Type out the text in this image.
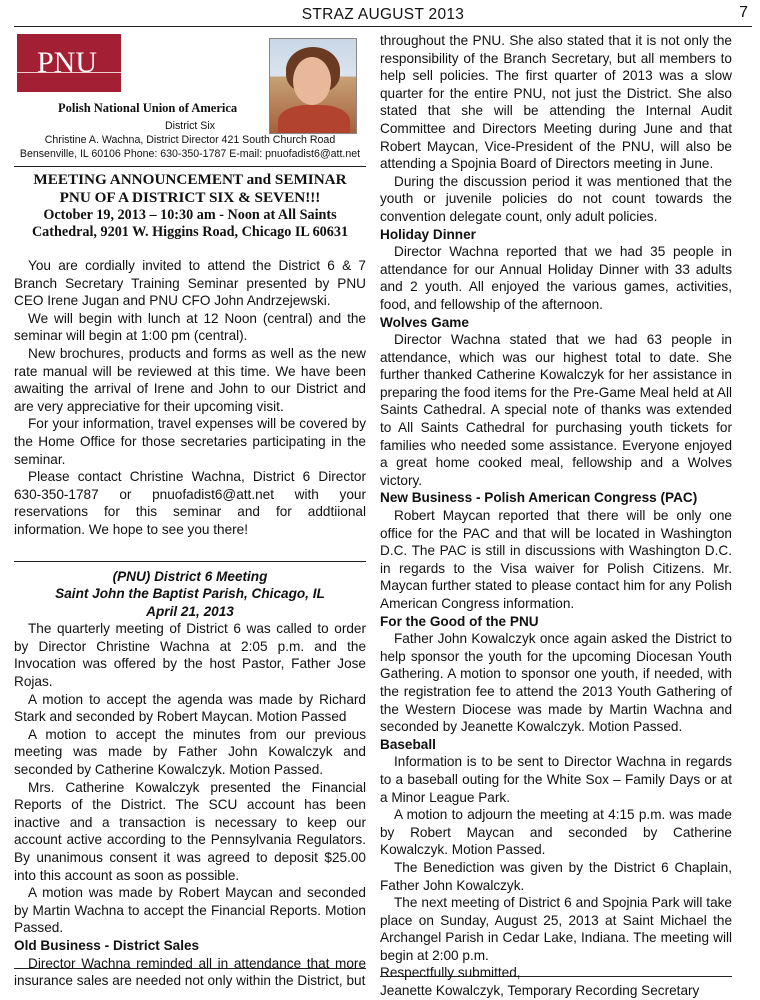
STRAZ AUGUST 2013	7
PNU
Polish National Union of America
District Six
Christine A. Wachna, District Director 421 South Church Road
Bensenville, IL 60106 Phone: 630-350-1787 E-mail: pnuofadist6@att.net
MEETING ANNOUNCEMENT and SEMINAR
PNU OF A DISTRICT SIX & SEVEN!!!
October 19, 2013 – 10:30 am - Noon at All Saints
Cathedral, 9201 W. Higgins Road, Chicago IL 60631

You are cordially invited to attend the District 6 & 7 Branch Secretary Training Seminar presented by PNU CEO Irene Jugan and PNU CFO John Andrzejewski.

We will begin with lunch at 12 Noon (central) and the seminar will begin at 1:00 pm (central).

New brochures, products and forms as well as the new rate manual will be reviewed at this time. We have been awaiting the arrival of Irene and John to our District and are very appreciative for their upcoming visit.

For your information, travel expenses will be covered by the Home Office for those secretaries participating in the seminar.

Please contact Christine Wachna, District 6 Director 630-350-1787 or pnuofadist6@att.net with your reservations for this seminar and for addtiional information. We hope to see you there!

(PNU) District 6 Meeting
Saint John the Baptist Parish, Chicago, IL
April 21, 2013

The quarterly meeting of District 6 was called to order by Director Christine Wachna at 2:05 p.m. and the Invocation was offered by the host Pastor, Father Jose Rojas.

A motion to accept the agenda was made by Richard Stark and seconded by Robert Maycan. Motion Passed

A motion to accept the minutes from our previous meeting was made by Father John Kowalczyk and seconded by Catherine Kowalczyk. Motion Passed.

Mrs. Catherine Kowalczyk presented the Financial Reports of the District. The SCU account has been inactive and a transaction is necessary to keep our account active according to the Pennsylvania Regulators. By unanimous consent it was agreed to deposit $25.00 into this account as soon as possible.

A motion was made by Robert Maycan and seconded by Martin Wachna to accept the Financial Reports. Motion Passed.

Old Business - District Sales

Director Wachna reminded all in attendance that more insurance sales are needed not only within the District, but

throughout the PNU. She also stated that it is not only the responsibility of the Branch Secretary, but all members to help sell policies. The first quarter of 2013 was a slow quarter for the entire PNU, not just the District. She also stated that she will be attending the Internal Audit Committee and Directors Meeting during June and that Robert Maycan, Vice-President of the PNU, will also be attending a Spojnia Board of Directors meeting in June.

During the discussion period it was mentioned that the youth or juvenile policies do not count towards the convention delegate count, only adult policies.

Holiday Dinner

Director Wachna reported that we had 35 people in attendance for our Annual Holiday Dinner with 33 adults and 2 youth. All enjoyed the various games, activities, food, and fellowship of the afternoon.

Wolves Game

Director Wachna stated that we had 63 people in attendance, which was our highest total to date. She further thanked Catherine Kowalczyk for her assistance in preparing the food items for the Pre-Game Meal held at All Saints Cathedral. A special note of thanks was extended to All Saints Cathedral for purchasing youth tickets for families who needed some assistance. Everyone enjoyed a great home cooked meal, fellowship and a Wolves victory.

New Business - Polish American Congress (PAC)

Robert Maycan reported that there will be only one office for the PAC and that will be located in Washington D.C. The PAC is still in discussions with Washington D.C. in regards to the Visa waiver for Polish Citizens. Mr. Maycan further stated to please contact him for any Polish American Congress information.

For the Good of the PNU

Father John Kowalczyk once again asked the District to help sponsor the youth for the upcoming Diocesan Youth Gathering. A motion to sponsor one youth, if needed, with the registration fee to attend the 2013 Youth Gathering of the Western Diocese was made by Martin Wachna and seconded by Jeanette Kowalczyk. Motion Passed.

Baseball

Information is to be sent to Director Wachna in regards to a baseball outing for the White Sox – Family Days or at a Minor League Park.

A motion to adjourn the meeting at 4:15 p.m. was made by Robert Maycan and seconded by Catherine Kowalczyk. Motion Passed.

The Benediction was given by the District 6 Chaplain, Father John Kowalczyk.

The next meeting of District 6 and Spojnia Park will take place on Sunday, August 25, 2013 at Saint Michael the Archangel Parish in Cedar Lake, Indiana. The meeting will begin at 2:00 p.m.

Respectfully submitted,

Jeanette Kowalczyk, Temporary Recording Secretary
